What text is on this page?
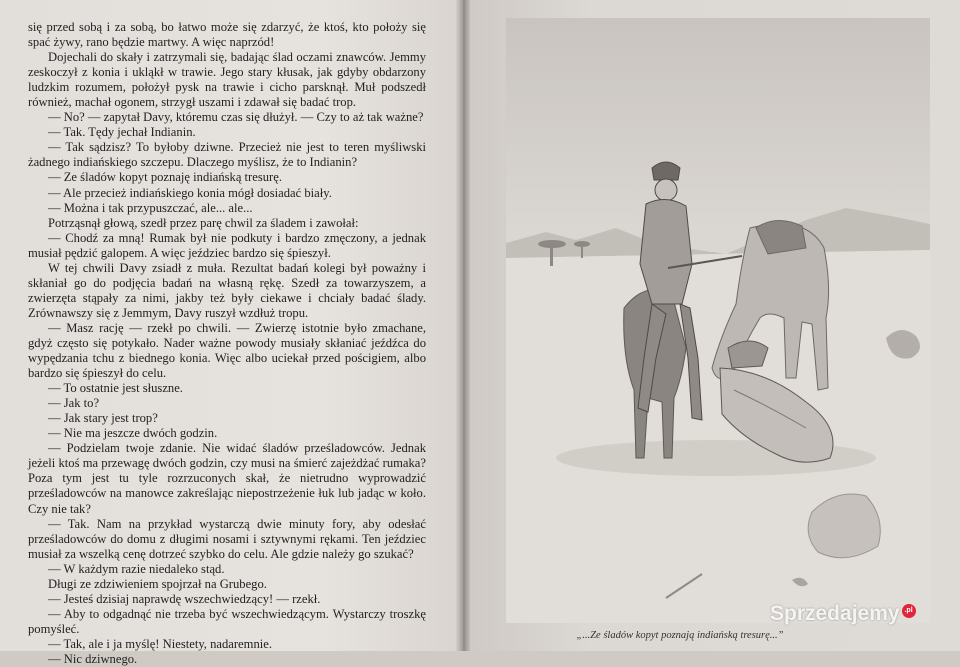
się przed sobą i za sobą, bo łatwo może się zdarzyć, że ktoś, kto położy się spać żywy, rano będzie martwy. A więc naprzód!

Dojechali do skały i zatrzymali się, badając ślad oczami znawców. Jemmy zeskoczył z konia i ukląkł w trawie. Jego stary kłusak, jak gdyby obdarzony ludzkim rozumem, położył pysk na trawie i cicho parsknął. Muł podszedł również, machał ogonem, strzygł uszami i zdawał się badać trop.

— No? — zapytał Davy, któremu czas się dłużył. — Czy to aż tak ważne?

— Tak. Tędy jechał Indianin.

— Tak sądzisz? To byłoby dziwne. Przecież nie jest to teren myśliwski żadnego indiańskiego szczepu. Dlaczego myślisz, że to Indianin?

— Ze śladów kopyt poznaję indiańską tresurę.

— Ale przecież indiańskiego konia mógł dosiadać biały.

— Można i tak przypuszczać, ale... ale...

Potrząsnął głową, szedł przez parę chwil za śladem i zawołał:

— Chodź za mną! Rumak był nie podkuty i bardzo zmęczony, a jednak musiał pędzić galopem. A więc jeździec bardzo się śpieszył.

W tej chwili Davy zsiadł z muła. Rezultat badań kolegi był poważny i skłaniał go do podjęcia badań na własną rękę. Szedł za towarzyszem, a zwierzęta stąpały za nimi, jakby też były ciekawe i chciały badać ślady. Zrównawszy się z Jemmym, Davy ruszył wzdłuż tropu.

— Masz rację — rzekł po chwili. — Zwierzę istotnie było zmachane, gdyż często się potykało. Nader ważne powody musiały skłaniać jeźdźca do wypędzania tchu z biednego konia. Więc albo uciekał przed pościgiem, albo bardzo się śpieszył do celu.

— To ostatnie jest słuszne.

— Jak to?

— Jak stary jest trop?

— Nie ma jeszcze dwóch godzin.

— Podzielam twoje zdanie. Nie widać śladów prześladowców. Jednak jeżeli ktoś ma przewagę dwóch godzin, czy musi na śmierć zajeżdżać rumaka? Poza tym jest tu tyle rozrzuconych skał, że nietrudno wyprowadzić prześladowców na manowce zakreślając niepostrzeżenie łuk lub jadąc w koło. Czy nie tak?

— Tak. Nam na przykład wystarczą dwie minuty fory, aby odesłać prześladowców do domu z długimi nosami i sztywnymi rękami. Ten jeździec musiał za wszelką cenę dotrzeć szybko do celu. Ale gdzie należy go szukać?

— W każdym razie niedaleko stąd.

Długi ze zdziwieniem spojrzał na Grubego.

— Jesteś dzisiaj naprawdę wszechwiedzący! — rzekł.

— Aby to odgadnąć nie trzeba być wszechwiedzącym. Wystarczy troszkę pomyśleć.

— Tak, ale i ja myślę! Niestety, nadaremnie.

— Nic dziwnego.

„...Ze śladów kopyt poznają indiańską tresurę...”
Sprzedajemy .pl
